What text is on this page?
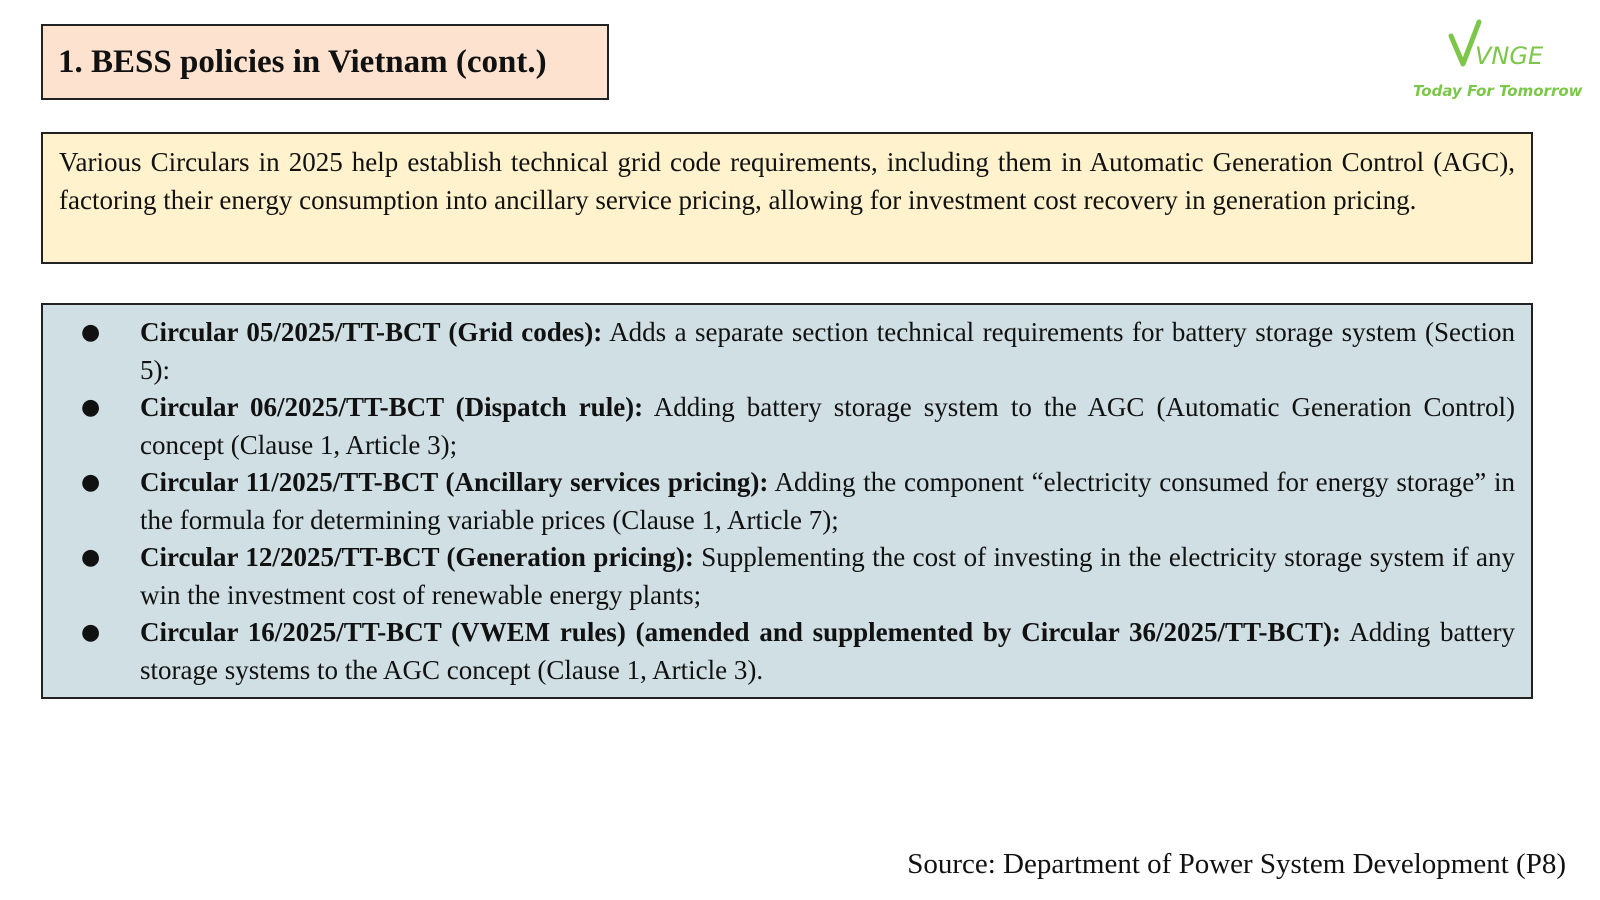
1. BESS policies in Vietnam (cont.)	VNGE
Today For Tomorrow
Various Circulars in 2025 help establish technical grid code requirements, including them in Automatic Generation Control (AGC), factoring their energy consumption into ancillary service pricing, allowing for investment cost recovery in generation pricing.
● Circular 05/2025/TT-BCT (Grid codes): Adds a separate section technical requirements for battery storage system (Section 5):
● Circular 06/2025/TT-BCT (Dispatch rule): Adding battery storage system to the AGC (Automatic Generation Control) concept (Clause 1, Article 3);
● Circular 11/2025/TT-BCT (Ancillary services pricing): Adding the component “electricity consumed for energy storage” in the formula for determining variable prices (Clause 1, Article 7);
● Circular 12/2025/TT-BCT (Generation pricing): Supplementing the cost of investing in the electricity storage system if any win the investment cost of renewable energy plants;
● Circular 16/2025/TT-BCT (VWEM rules) (amended and supplemented by Circular 36/2025/TT-BCT): Adding battery storage systems to the AGC concept (Clause 1, Article 3).
Source: Department of Power System Development (P8)
